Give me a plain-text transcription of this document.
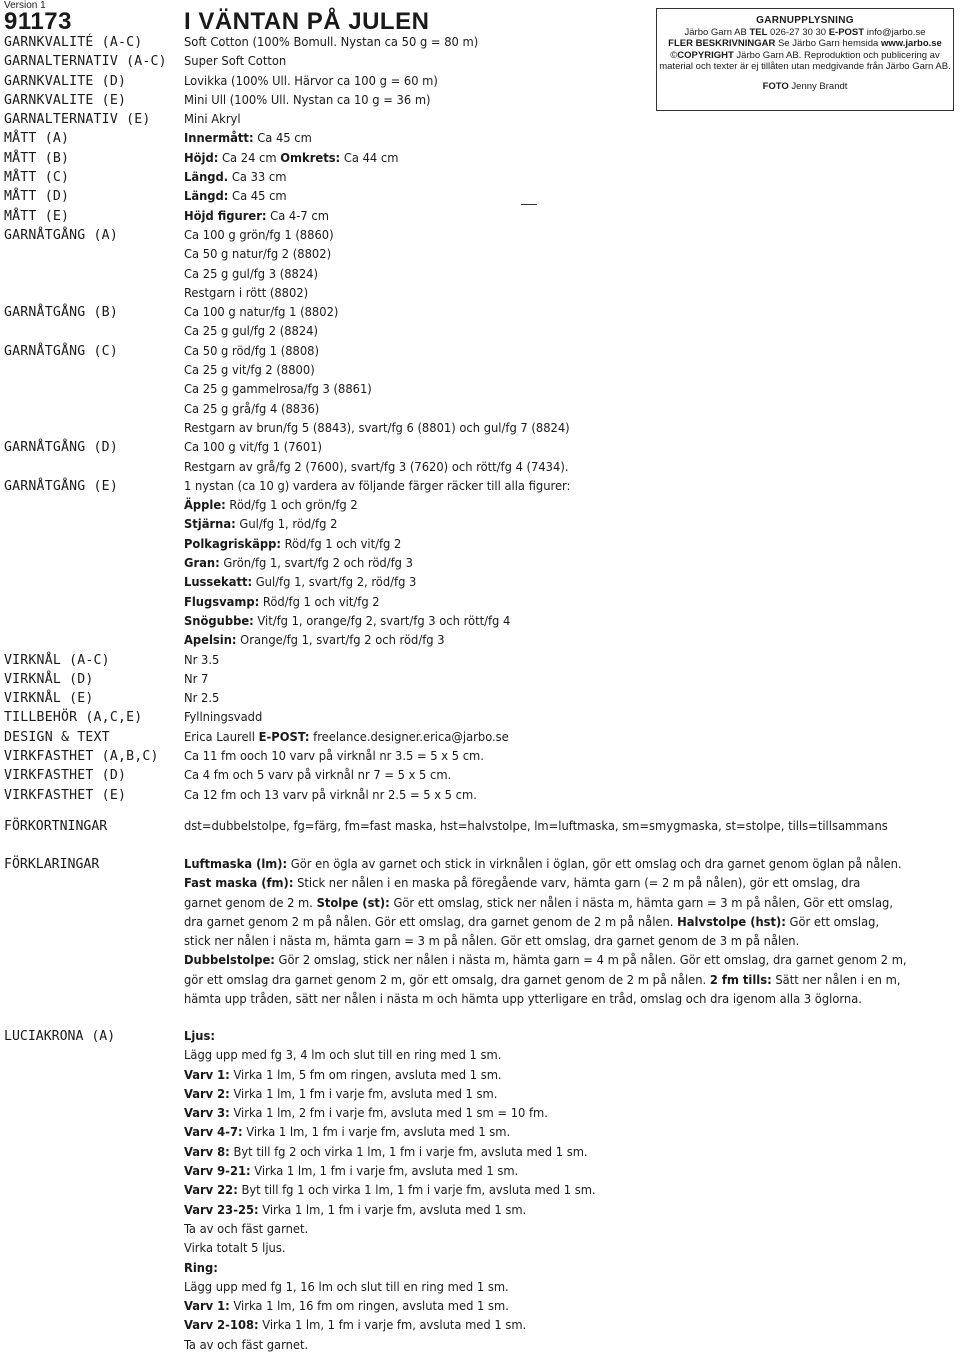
Version 1
91173	I VÄNTAN PÅ JULEN	GARNUPPLYSNING
Järbo Garn AB TEL 026-27 30 30 E-POST info@jarbo.se
FLER BESKRIVNINGAR Se Järbo Garn hemsida www.jarbo.se
©COPYRIGHT Järbo Garn AB. Reproduktion och publicering av
material och texter är ej tillåten utan medgivande från Järbo Garn AB.
FOTO Jenny Brandt
GARNKVALITÉ (A-C)	Soft Cotton (100% Bomull. Nystan ca 50 g = 80 m)
GARNALTERNATIV (A-C)	Super Soft Cotton
GARNKVALITE (D)	Lovikka (100% Ull. Härvor ca 100 g = 60 m)
GARNKVALITE (E)	Mini Ull (100% Ull. Nystan ca 10 g = 36 m)
GARNALTERNATIV (E)	Mini Akryl
MÅTT (A)	Innermått: Ca 45 cm
MÅTT (B)	Höjd: Ca 24 cm Omkrets: Ca 44 cm
MÅTT (C)	Längd. Ca 33 cm
MÅTT (D)	Längd: Ca 45 cm
MÅTT (E)	Höjd figurer: Ca 4-7 cm
GARNÅTGÅNG (A)	Ca 100 g grön/fg 1 (8860)
Ca 50 g natur/fg 2 (8802)
Ca 25 g gul/fg 3 (8824)
Restgarn i rött (8802)
GARNÅTGÅNG (B)	Ca 100 g natur/fg 1 (8802)
Ca 25 g gul/fg 2 (8824)
GARNÅTGÅNG (C)	Ca 50 g röd/fg 1 (8808)
Ca 25 g vit/fg 2 (8800)
Ca 25 g gammelrosa/fg 3 (8861)
Ca 25 g grå/fg 4 (8836)
Restgarn av brun/fg 5 (8843), svart/fg 6 (8801) och gul/fg 7 (8824)
GARNÅTGÅNG (D)	Ca 100 g vit/fg 1 (7601)
Restgarn av grå/fg 2 (7600), svart/fg 3 (7620) och rött/fg 4 (7434).
GARNÅTGÅNG (E)	1 nystan (ca 10 g) vardera av följande färger räcker till alla figurer:
Äpple: Röd/fg 1 och grön/fg 2
Stjärna: Gul/fg 1, röd/fg 2
Polkagriskäpp: Röd/fg 1 och vit/fg 2
Gran: Grön/fg 1, svart/fg 2 och röd/fg 3
Lussekatt: Gul/fg 1, svart/fg 2, röd/fg 3
Flugsvamp: Röd/fg 1 och vit/fg 2
Snögubbe: Vit/fg 1, orange/fg 2, svart/fg 3 och rött/fg 4
Apelsin: Orange/fg 1, svart/fg 2 och röd/fg 3
VIRKNÅL (A-C)	Nr 3.5
VIRKNÅL (D)	Nr 7
VIRKNÅL (E)	Nr 2.5
TILLBEHÖR (A,C,E)	Fyllningsvadd
DESIGN & TEXT	Erica Laurell E-POST: freelance.designer.erica@jarbo.se
VIRKFASTHET (A,B,C)	Ca 11 fm ooch 10 varv på virknål nr 3.5 = 5 x 5 cm.
VIRKFASTHET (D)	Ca 4 fm och 5 varv på virknål nr 7 = 5 x 5 cm.
VIRKFASTHET (E)	Ca 12 fm och 13 varv på virknål nr 2.5 = 5 x 5 cm.
FÖRKORTNINGAR	dst=dubbelstolpe, fg=färg, fm=fast maska, hst=halvstolpe, lm=luftmaska, sm=smygmaska, st=stolpe, tills=tillsammans
FÖRKLARINGAR	Luftmaska (lm): Gör en ögla av garnet och stick in virknålen i öglan, gör ett omslag och dra garnet genom öglan på nålen.
Fast maska (fm): Stick ner nålen i en maska på föregående varv, hämta garn (= 2 m på nålen), gör ett omslag, dra
garnet genom de 2 m. Stolpe (st): Gör ett omslag, stick ner nålen i nästa m, hämta garn = 3 m på nålen, Gör ett omslag,
dra garnet genom 2 m på nålen. Gör ett omslag, dra garnet genom de 2 m på nålen. Halvstolpe (hst): Gör ett omslag,
stick ner nålen i nästa m, hämta garn = 3 m på nålen. Gör ett omslag, dra garnet genom de 3 m på nålen.
Dubbelstolpe: Gör 2 omslag, stick ner nålen i nästa m, hämta garn = 4 m på nålen. Gör ett omslag, dra garnet genom 2 m,
gör ett omslag dra garnet genom 2 m, gör ett omsalg, dra garnet genom de 2 m på nålen. 2 fm tills: Sätt ner nålen i en m,
hämta upp tråden, sätt ner nålen i nästa m och hämta upp ytterligare en tråd, omslag och dra igenom alla 3 öglorna.
LUCIAKRONA (A)	Ljus:
Lägg upp med fg 3, 4 lm och slut till en ring med 1 sm.
Varv 1: Virka 1 lm, 5 fm om ringen, avsluta med 1 sm.
Varv 2: Virka 1 lm, 1 fm i varje fm, avsluta med 1 sm.
Varv 3: Virka 1 lm, 2 fm i varje fm, avsluta med 1 sm = 10 fm.
Varv 4-7: Virka 1 lm, 1 fm i varje fm, avsluta med 1 sm.
Varv 8: Byt till fg 2 och virka 1 lm, 1 fm i varje fm, avsluta med 1 sm.
Varv 9-21: Virka 1 lm, 1 fm i varje fm, avsluta med 1 sm.
Varv 22: Byt till fg 1 och virka 1 lm, 1 fm i varje fm, avsluta med 1 sm.
Varv 23-25: Virka 1 lm, 1 fm i varje fm, avsluta med 1 sm.
Ta av och fäst garnet.
Virka totalt 5 ljus.
Ring:
Lägg upp med fg 1, 16 lm och slut till en ring med 1 sm.
Varv 1: Virka 1 lm, 16 fm om ringen, avsluta med 1 sm.
Varv 2-108: Virka 1 lm, 1 fm i varje fm, avsluta med 1 sm.
Ta av och fäst garnet.
